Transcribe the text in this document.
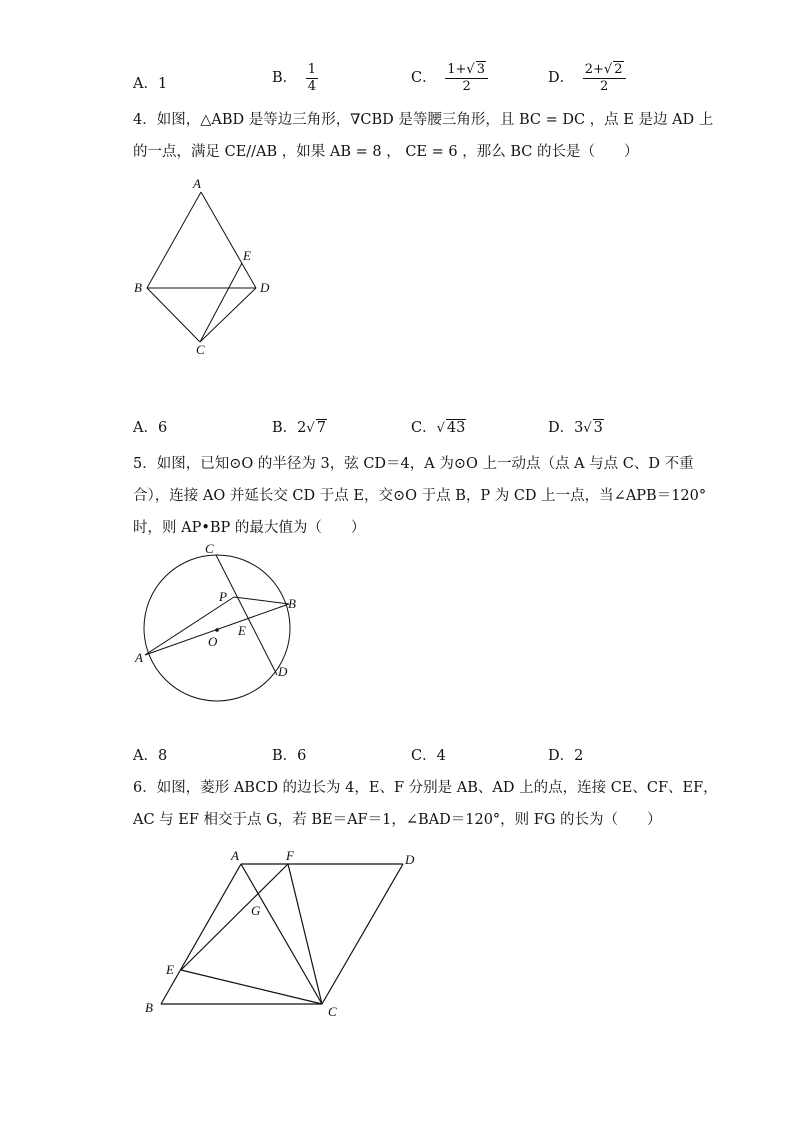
A．1	B． $\frac{1}{4}$	C． $\frac{1+√ 3}{2}$	D． $\frac{2+√ 2}{2}$
4．如图，△ABD 是等边三角形，∇CBD 是等腰三角形，且 BC = DC ，点 E 是边 AD 上
的一点，满足 CE//AB ，如果 AB = 8 ， CE = 6 ，那么 BC 的长是（　　）
A
B	D
E
C
A．6	B．2√ 7	C．√ 43	D．3√ 3
5．如图，已知⊙O 的半径为 3，弦 CD＝4，A 为⊙O 上一动点（点 A 与点 C、D 不重
合），连接 AO 并延长交 CD 于点 E，交⊙O 于点 B，P 为 CD 上一点，当∠APB＝120°
时，则 AP•BP 的最大值为（　　）
C
P	B
E
O
A
D
A．8	B．6	C．4	D．2
6．如图，菱形 ABCD 的边长为 4，E、F 分别是 AB、AD 上的点，连接 CE、CF、EF，
AC 与 EF 相交于点 G，若 BE＝AF＝1，∠BAD＝120°，则 FG 的长为（　　）
A	F	D
G
E
B	C
